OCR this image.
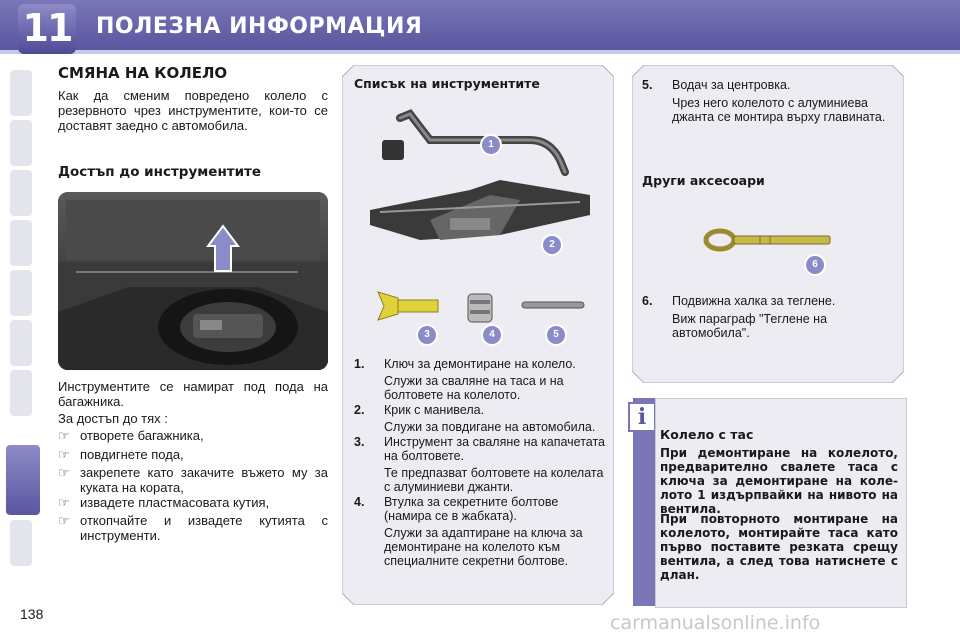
11 ПОЛЕЗНА ИНФОРМАЦИЯ
СМЯНА НА КОЛЕЛО
Как да сменим повредено колело с резервното чрез инструментите, кои-то се доставят заедно с автомобила.
Достъп до инструментите
Инструментите се намират под пода на багажника.
За достъп до тях :
☞ отворете багажника,
☞ повдигнете пода,
☞ закрепете като закачите въжето му за куката на кората,
☞ извадете пластмасовата кутия,
☞ откопчайте и извадете кутията с инструменти.
Списък на инструментите
1
2
3	4	5
1. Ключ за демонтиране на колело.
Служи за сваляне на таса и на болтовете на колелото.
2. Крик с манивела.
Служи за повдигане на автомобила.
3. Инструмент за сваляне на капачетата на болтовете.
Те предпазват болтовете на колелата с алуминиеви джанти.
4. Втулка за секретните болтове (намира се в жабката).
Служи за адаптиране на ключа за демонтиране на колелото към специалните секретни болтове.
5. Водач за центровка.
Чрез него колелото с алуминиева джанта се монтира върху главината.
Други аксесоари
6
6. Подвижна халка за теглене.
Виж параграф "Теглене на автомобила".
i
Колело с тас
При демонтиране на колелото, предварително свалете таса с ключа за демонтиране на коле-лото 1 издърпвайки на нивото на вентила.
При повторното монтиране на колелото, монтирайте таса като първо поставите резката срещу вентила, а след това натиснете с длан.
138	carmanualsonline.info
